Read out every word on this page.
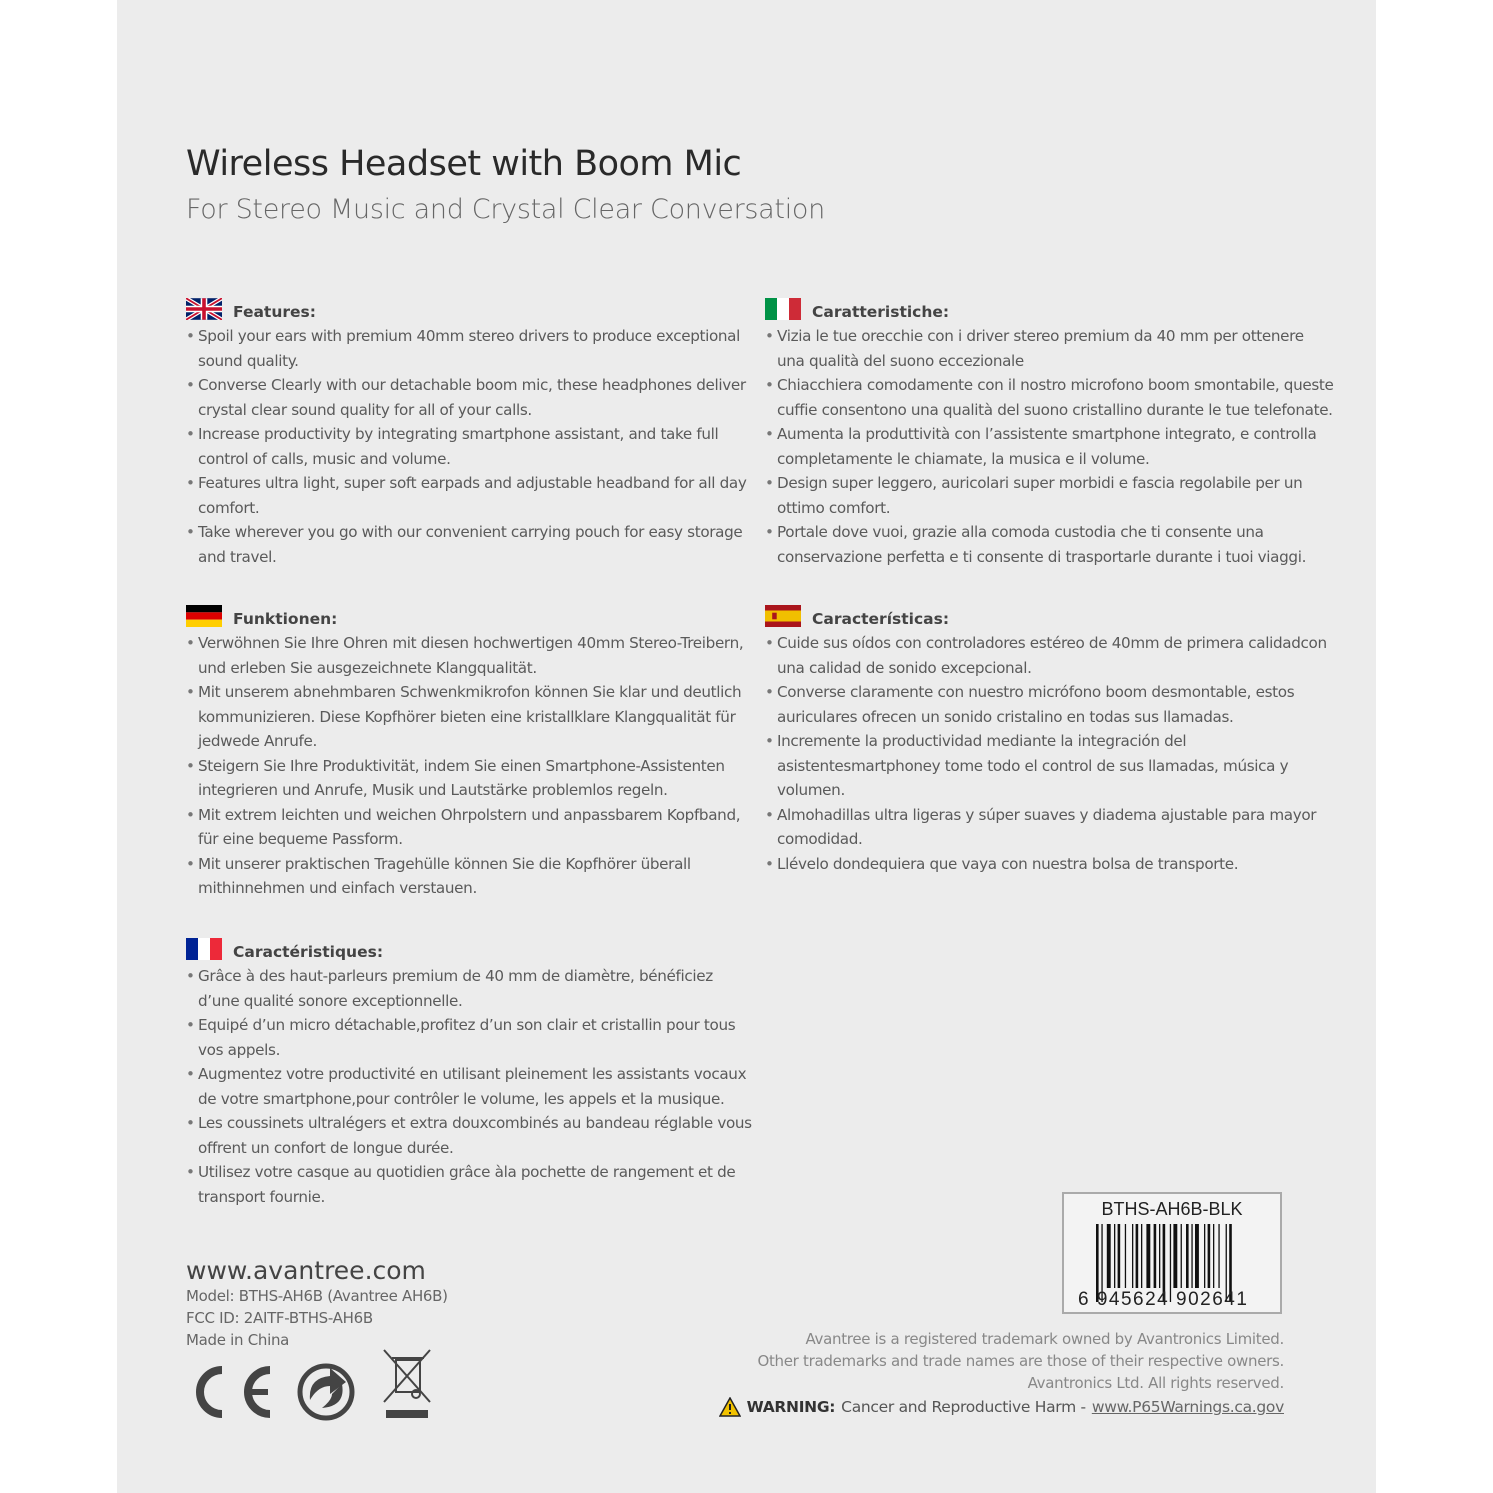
Wireless Headset with Boom Mic
For Stereo Music and Crystal Clear Conversation
Features:
• Spoil your ears with premium 40mm stereo drivers to produce exceptional sound quality.
• Converse Clearly with our detachable boom mic, these headphones deliver crystal clear sound quality for all of your calls.
• Increase productivity by integrating smartphone assistant, and take full control of calls, music and volume.
• Features ultra light, super soft earpads and adjustable headband for all day comfort.
• Take wherever you go with our convenient carrying pouch for easy storage and travel.
Funktionen:
• Verwöhnen Sie Ihre Ohren mit diesen hochwertigen 40mm Stereo-Treibern, und erleben Sie ausgezeichnete Klangqualität.
• Mit unserem abnehmbaren Schwenkmikrofon können Sie klar und deutlich kommunizieren. Diese Kopfhörer bieten eine kristallklare Klangqualität für jedwede Anrufe.
• Steigern Sie Ihre Produktivität, indem Sie einen Smartphone-Assistenten integrieren und Anrufe, Musik und Lautstärke problemlos regeln.
• Mit extrem leichten und weichen Ohrpolstern und anpassbarem Kopfband, für eine bequeme Passform.
• Mit unserer praktischen Tragehülle können Sie die Kopfhörer überall mithinnehmen und einfach verstauen.
Caractéristiques:
• Grâce à des haut-parleurs premium de 40 mm de diamètre, bénéficiez d’une qualité sonore exceptionnelle.
• Equipé d’un micro détachable,profitez d’un son clair et cristallin pour tous vos appels.
• Augmentez votre productivité en utilisant pleinement les assistants vocaux de votre smartphone,pour contrôler le volume, les appels et la musique.
• Les coussinets ultralégers et extra douxcombinés au bandeau réglable vous offrent un confort de longue durée.
• Utilisez votre casque au quotidien grâce àla pochette de rangement et de transport fournie.
Caratteristiche:
• Vizia le tue orecchie con i driver stereo premium da 40 mm per ottenere una qualità del suono eccezionale
• Chiacchiera comodamente con il nostro microfono boom smontabile, queste cuffie consentono una qualità del suono cristallino durante le tue telefonate.
• Aumenta la produttività con l’assistente smartphone integrato, e controlla completamente le chiamate, la musica e il volume.
• Design super leggero, auricolari super morbidi e fascia regolabile per un ottimo comfort.
• Portale dove vuoi, grazie alla comoda custodia che ti consente una conservazione perfetta e ti consente di trasportarle durante i tuoi viaggi.
Características:
• Cuide sus oídos con controladores estéreo de 40mm de primera calidadcon una calidad de sonido excepcional.
• Converse claramente con nuestro micrófono boom desmontable, estos auriculares ofrecen un sonido cristalino en todas sus llamadas.
• Incremente la productividad mediante la integración del asistentesmartphoney tome todo el control de sus llamadas, música y volumen.
• Almohadillas ultra ligeras y súper suaves y diadema ajustable para mayor comodidad.
• Llévelo dondequiera que vaya con nuestra bolsa de transporte.
www.avantree.com
Model: BTHS-AH6B (Avantree AH6B)
FCC ID: 2AITF-BTHS-AH6B
Made in China
BTHS-AH6B-BLK
6 945624 902641
Avantree is a registered trademark owned by Avantronics Limited.
Other trademarks and trade names are those of their respective owners.
Avantronics Ltd. All rights reserved.
WARNING: Cancer and Reproductive Harm - www.P65Warnings.ca.gov
